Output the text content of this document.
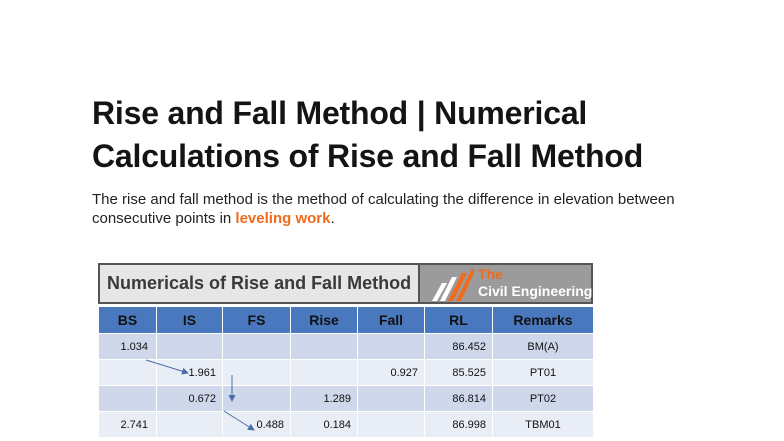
Rise and Fall Method | Numerical Calculations of Rise and Fall Method

The rise and fall method is the method of calculating the difference in elevation between consecutive points in leveling work.

Numericals of Rise and Fall Method	The
Civil Engineering
BS	IS	FS	Rise	Fall	RL	Remarks
1.034					86.452	BM(A)
	1.961			0.927	85.525	PT01
	0.672		1.289		86.814	PT02
2.741		0.488	0.184		86.998	TBM01
